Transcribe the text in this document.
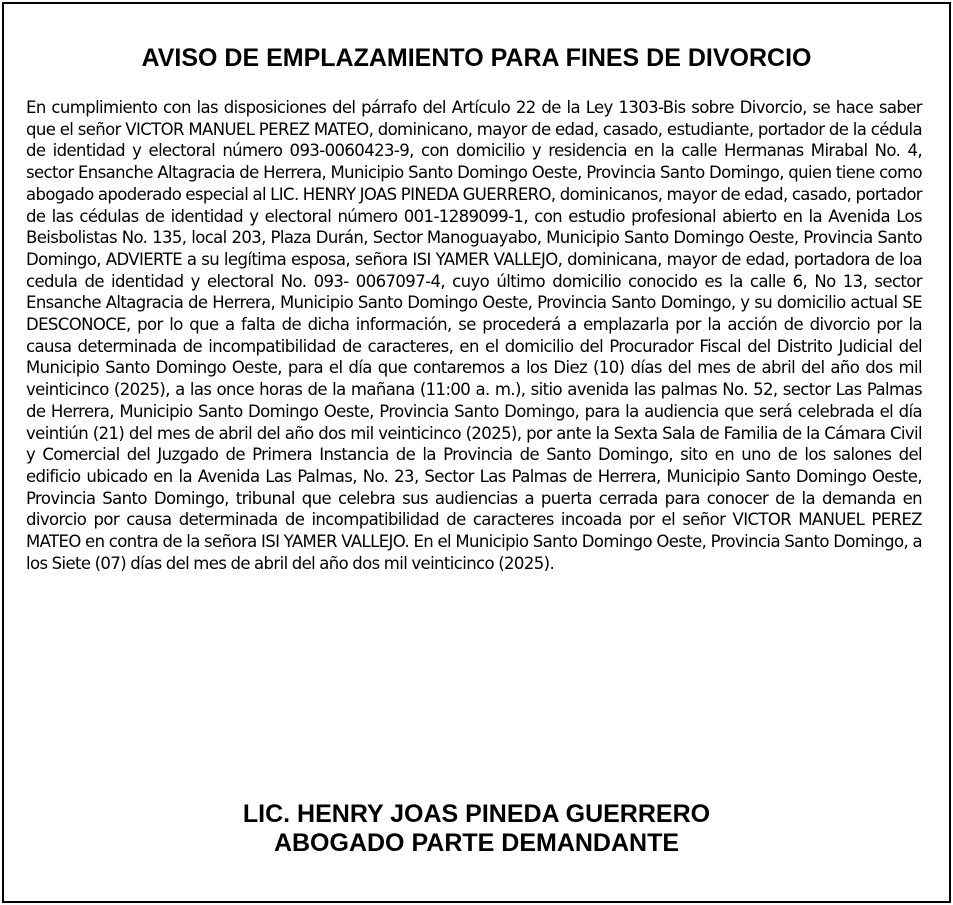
AVISO DE EMPLAZAMIENTO PARA FINES DE DIVORCIO

En cumplimiento con las disposiciones del párrafo del Artículo 22 de la Ley 1303-Bis sobre Divorcio, se hace saber que el señor VICTOR MANUEL PEREZ MATEO, dominicano, mayor de edad, casado, estudiante, portador de la cédula de identidad y electoral número 093-0060423-9, con domicilio y residencia en la calle Hermanas Mirabal No. 4, sector Ensanche Altagracia de Herrera, Municipio Santo Domingo Oeste, Provincia Santo Domingo, quien tiene como abogado apoderado especial al LIC. HENRY JOAS PINEDA GUERRERO, dominicanos, mayor de edad, casado, portador de las cédulas de identidad y electoral número 001-1289099-1, con estudio profesional abierto en la Avenida Los Beisbolistas No. 135, local 203, Plaza Durán, Sector Manoguayabo, Municipio Santo Domingo Oeste, Provincia Santo Domingo, ADVIERTE a su legítima esposa, señora ISI YAMER VALLEJO, dominicana, mayor de edad, portadora de loa cedula de identidad y electoral No. 093- 0067097-4, cuyo último domicilio conocido es la calle 6, No 13, sector Ensanche Altagracia de Herrera, Municipio Santo Domingo Oeste, Provincia Santo Domingo, y su domicilio actual SE DESCONOCE, por lo que a falta de dicha información, se procederá a emplazarla por la acción de divorcio por la causa determinada de incompatibilidad de caracteres, en el domicilio del Procurador Fiscal del Distrito Judicial del Municipio Santo Domingo Oeste, para el día que contaremos a los Diez (10) días del mes de abril del año dos mil veinticinco (2025), a las once horas de la mañana (11:00 a. m.), sitio avenida las palmas No. 52, sector Las Palmas de Herrera, Municipio Santo Domingo Oeste, Provincia Santo Domingo, para la audiencia que será celebrada el día veintiún (21) del mes de abril del año dos mil veinticinco (2025), por ante la Sexta Sala de Familia de la Cámara Civil y Comercial del Juzgado de Primera Instancia de la Provincia de Santo Domingo, sito en uno de los salones del edificio ubicado en la Avenida Las Palmas, No. 23, Sector Las Palmas de Herrera, Municipio Santo Domingo Oeste, Provincia Santo Domingo, tribunal que celebra sus audiencias a puerta cerrada para conocer de la demanda en divorcio por causa determinada de incompatibilidad de caracteres incoada por el señor VICTOR MANUEL PEREZ MATEO en contra de la señora ISI YAMER VALLEJO. En el Municipio Santo Domingo Oeste, Provincia Santo Domingo, a los Siete (07) días del mes de abril del año dos mil veinticinco (2025).

LIC. HENRY JOAS PINEDA GUERRERO
ABOGADO PARTE DEMANDANTE
